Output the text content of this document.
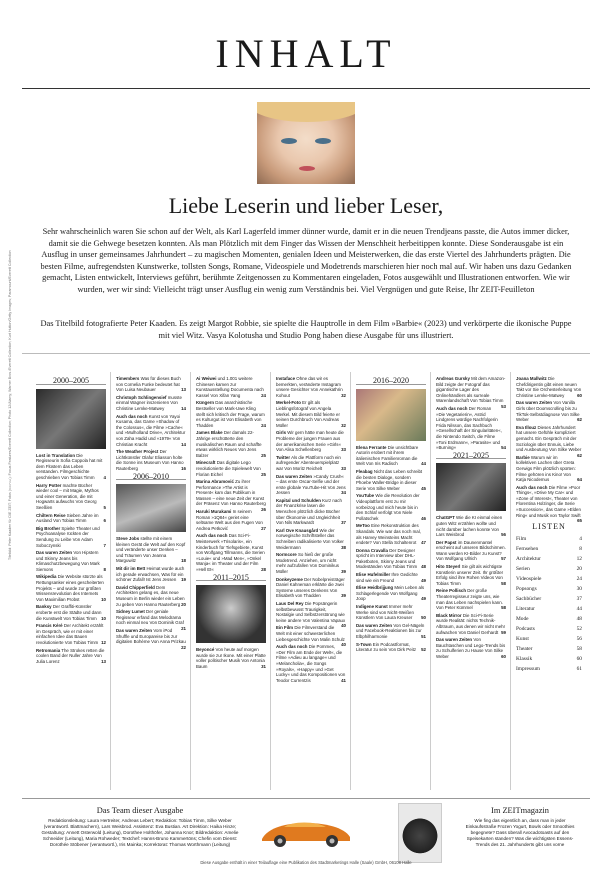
INHALT
Liebe Leserin und lieber Leser,
Sehr wahrscheinlich waren Sie schon auf der Welt, als Karl Lagerfeld immer dünner wurde, damit er in die neuen Trendjeans passte, die Autos immer dicker, damit sie die Gehwege besetzen konnten. Als man Plötzlich mit dem Finger das Wissen der Menschheit herbeitippen konnte. Diese Sonderausgabe ist ein Ausflug in unser gemeinsames Jahrhundert – zu magischen Momenten, genialen Ideen und Meisterwerken, die das erste Viertel des Jahrhunderts prägten. Die besten Filme, aufregendsten Kunstwerke, tollsten Songs, Romane, Videospiele und Modetrends marschieren hier noch mal auf. Wir haben uns dazu Gedanken gemacht, Listen entwickelt, Interviews geführt, berühmte Zeitgenossen zu Kommentaren eingeladen, Fotos ausgewählt und Illustrationen entworfen. Wie wir wurden, wer wir sind: Vielleicht trägt unser Ausflug ein wenig zum Verständnis bei. Viel Vergnügen und gute Reise, Ihr ZEIT-Feuilleton
Das Titelbild fotografierte Peter Kaaden. Es zeigt Margot Robbie, sie spielte die Hauptrolle in dem Film »Barbie« (2023) und verkörperte die ikonische Puppe mit viel Witz. Vasya Kolotusha und Studio Pong haben diese Ausgabe für uns illustriert.
2000–2005

Lost in Translation Die Regisseurin Sofia Coppola hat mit dem Flüstern das Leben verstanden. Filmgeschichte geschrieben Von Tobias Timm 4

Harry Potter machte Bücher wieder cool – mit Magie, Mythos und einer Generation, die mit Hogwarts aufwuchs Von Georg Seeßlen	5

Chiltern Reise Sieben Jahre im Ausland Von Tobias Timm	6

Big Brother Spielte Theater und Psychoanalyse rückten der Sendung zu Leibe Von Adam Soboczynski	7

Das waren Zeiten Von Hipstern und Skinny Jeans bis Klimaschutzbewegung Von Mark Siemons	8

Wikipedia Die Website stürzte als Rettungsanker eines gescheiterten Projekts – und wurde zur größten Wissensrevolution des Internets Von Maximilian Probst	10

Banksy Der Graffiti-Künstler eroberte erst die Städte und dann die Kunstwelt Von Tobias Timm 10

Francis Kéré Der Architekt erzählt im Gespräch, wie er mit einer einfachen Idee das Bauen revolutionierte Von Tobias Timm 12

Retromania The Strokes retten die coolen Band der Nuller Jahre Von Julia Lorenz	13

Timembers Was für dieses Buch von Cornelia Funke bedeutet hat Von Luisa Neubauer	13

Christoph Schlingensief musste einmal Wagner inszenieren Von Christine Lemke-Matwey	14

Auch das noch Kunst von Yayoi Kusama, das Game »Shadow of the Colossus«, die Filme »Cache« und »Mulholland Drive«, Architektur von Zaha Hadid und »1979« Von Christian Kracht	14

The Weather Project Der Lichtkünstler Olafur Eliasson holte die Sonne ins Museum Von Hanno Rauterberg	16

2006–2010

Steve Jobs stellte mit einem kleinen Gerät die Welt auf den Kopf und veränderte unser Denken – und Träumen Von Jeanna Marguwitz	18

Mit dir im Bett Heimat wurde auch ich gerade erwachsen, Was für ein schöner Zufall! Ist Jens Jessen 19

David Chipperfield Dem Architekten gelang es, das neue Museum in Berlin wieder ein Leben zu geben Von Hanno Rauterberg 20

Sidney Lumet Der geniale Regisseur erfand das Melodrama noch einmal neu Von Dominik Graf
21

Das waren Zeiten Vom iPod Shuffle und Europareise bis zur digitalen Bohème Von Anna Prizkau
22

Ai Weiwei und 1.001 weitere Chinesen kamen zur Kunstausstellung Documenta nach Kassel Von Xifan Yang	24

Küngern Das anarchistische Bestseller von Mark-Uwe Kling stellt sich kritisch der Frage, warum es Kulturgut ist Von Elisabeth von Thadden	24

James Blake Der damals 22-Jährige erschütterte den musikalischen Raum und schaffte etwas wirklich Neues Von Jens Balzer	25

Minecraft Das digitale Lego revolutionierte die Spielewelt Von Florian Eichel	25

Marina Abramović Zu ihrer Performance »The Artist is Present« kam das Publikum in Massen – eine neue Zeit der Kunst der Präsenz Von Hanno Rauterberg
26

Haruki Murakami In seinem Roman »1Q84« geriet eine seltsame Welt aus den Fugen Von Andrea Petković	27

Auch das noch Das Sci-Fi-Meisterwerk »Trisolaris«, ein Kinderbuch für Tiefsgebiete, Kunst von Wolfgang Tillmanns, die Serien »Louie« und »Mad Men«, »Onkel Wanja« im Theater und der Film »Hell Et«	28

2011–2015

Beyoncé Von heute auf morgen wurde sie zur Ikone. Mit einer Platte voller politischer Musik Von Antonia Baum	31

Instaface Ohne das wir es bemerkten, veränderte Instagram unsere Gesichter Von Annekathrin Kohout	32

Merkel-Foto Er gilt als Lieblingsfotograf von Angela Merkel. Mit diesem Bild feierte er seinen Durchbruch Von Andreas Müller	32

Girls Wir gern hätte man heute die Probleme der jungen Frauen aus der amerikanischen Serie »Girls« Von Alisa Schellenberg	33

Twitter Als die Plattform noch ein aufregender Abenteuerspielplatz war Von Moritz Reichelt	33

Das waren Zeiten »Candy Crush« – das erste Oscar-Selfie und der erste globale YouTube-Hit Von Jens Jessen	34

Kapital und Schulden Kurz nach der Finanzkrise lasen die Menschen plötzlich dicke Bücher über Ökonomie und Ungleichheit Von Nils Markwardt	37

Karl Ove Knausgård Wie der norwegische Schriftsteller das Schreiben radikalisierte Von Volker Weidermann	38

Normcore So hieß der große Modetrend. Anziehen, um nicht mehr aufzufallen Von Dominikus Müller	39

Donkeyzeme Der Nobelpreisträger Daniel Kahneman erklärte die zwei Systeme unseres Denkens Von Elisabeth von Thadden	39

Laus Del Rey Die Popsängerin selbstbewusst Traurigkeit, Nostalgie und Selbstzerstörung wie keine andere Von Valentina Vapaux
40

Ein Film Die Filmverstand die Welt mit einer schwesterlichen Liebesgeschichte Von Malin Schulz
40

Auch das noch Die Pommes, »Der Film am Ende der Welt«, die Filme »Adieu au langage« und »Melancholia«, die Songs »Royals«, »Happy« und »Get Lucky« und das Kompositionen von Teodor Currentzis	41

2016–2020

Elena Ferrante Die unsichtbare Autorin erobert mit ihrem italienischen Familienroman die Welt Von Iris Radisch	44

Fleabag Nicht das Leben schreibt die besten Dialoge, sondern Phoebe Waller-Bridge in dieser Serie Von Silke Weber	45

YouTube Wie die Revolution der Videoplattform erst zu mir vorbeizog und mich heute bis in den Schlaf verfolgt Von Niele Pollatschek	46

MeToo Eine Rekonstruktion des Skandals. Wie war das noch mal, als Harvey Weinsteins Macht endete? Von Stella Schaltenrot 47

Donna Cravalla Der Designer spricht im Interview über DHL-Paketboten, Skinny Jeans und Modeständen Von Tobias Timm 48

Elise Hufelmiller Ihre Gedichte sind wie ein Freund	49

Élise Heidbrijjung Mein Leben als Schlagerlegende Von Wolfgang Joop	49

Indigene Kunst Immer mehr Werke sind von Nicht-Weißen Künstlern Von Laura Kreuser 50

Das waren Zeiten Von Gel-Nägeln und Facebook-Reaktionen bis zur Elbphilharmonie	51

S-Town Ein Podcastformat, Literatur zu sein Von Dirk Peitz 52

Andreas Gursky Mit dem Amazon-Bild zeigte der Fotograf das gigantische Lager des Onlinehändlers als surreale Warenlandschaft Von Tobias Timm
53

Auch das noch Der Roman »Die Vegetarierin«, Astrid Lindgrens würdige Nachfolgerin Frida Nilsson, das Sachbuch »Gesellschaft der Singularitäten«, die Nintendo Switch, die Filme »Toni Erdmann«, »Parasite« und »Burning«	54

2021–2025

ChatGPT Wie die KI einmal einen guten Witz erzählen wollte und nicht darüber lachen konnte Von Lars Weisbrod	56

Der Papst im Daunenmantel erscheint auf unseren Bildschirmen. Wann werden KI-Bilder zu Kunst? Von Wolfgang Ullrich	57

Hito Steyerl Sie gilt als wichtigste Künstlerin unserer Zeit. Ihr größter Erfolg sind ihre Rohen Videos Von Tobias Timm	58

Reine Pollisch Der große Theaterregisseur zeigte uns, wie man das Leben nachspielen kann. Von Peter Kümmel	58

Black Mirror Die Sci-Fi-Serie wurde Realität: nichts Technik-Albtraum, aus denen wir nicht mehr aufwachen Von Daniel Gerhardt 59

Das waren Zeiten Von Bauchtaschen und Lego-Trends bis zu Schulferien zu Hause Von Silke Weber	60

Joana Mallwitz Die Chefdirigentin gibt einen neuen Takt vor Sie Orchesterleitung Von Christine Lemke-Matwey	60

Das waren Zeiten Von Vanilla Girls über Doomscrolling bis zu TikTok-Selbstdiagnose Von Silke Weber	62

Eva Illouz Dieses Jahrhundert hat unsere Gefühle kompliziert gemacht. Ein Gespräch mit der Soziologin über Ennuis, Liebe und Ausbeutung Von Silke Weber
62

Barbie Warum wir im kollektiven Lachen über Greta Gerwigs Film plötzlich spürten: Filme gehören ins Kino! Von Katja Nicodemus	64

Auch das noch Die Filme »Poor Things«, »Drive My Car« und »Zone of Interest«, Theater von Florentina Holzinger, die Serie »Succession«, das Game »Elden Ring« und Musik von Taylor Swift
65

LISTEN
Film	4
Fernsehen	8
Architektur	12
Serien	20
Videospiele	24
Popsongs	30
Sachbücher	37
Literatur	44
Mode	48
Podcasts	52
Kunst	56
Theater	58
Klassik	60
Impressum	61
Das Team dieser Ausgabe
Redaktionsleitung: Laura Hertreiter, Andreas Lebert; Redaktion: Tobias Timm, Silke Weber (verantwortl. Blattmachern), Lars Weisbrod. Assistenz: Eva Bustian. Art Direktion: Haika Hinze; Gestaltung: Annett Osterwold (Leitung), Dorothee Holthöfer, Johanna Knor; Bildredaktion: Amelie Schneider (Leitung), Maria Rohweder; Textchef: Hanns-Bruno Kammertöns; Chefin vom Dienst: Dorothée Stöbener (verantwortl.), Iris Mainka; Korrektorat: Thomas Worthmann (Leitung)
Im ZEITmagazin
Wie fing das eigentlich an, dass man in jeder Einkaufsstraße Frozen Yogurt, Bowls oder Smoothies begegnete? Dass überall Avocadotoasts auf den Speisekarten standen? Was die wichtigsten Essens-Trends des 21. Jahrhunderts gibt uns vorne
Diese Ausgabe enthält in einer Teilauflage eine Publikation des Stadtmarketings Halle (Saale) GmbH, 06108 Halle
Titelbild: Peter Kaaden für DIE ZEIT; Fotos (v.o.n.u.): Focus Features/Everett Collection; Photo 12/Alamy; Warner Bros./Everett Collection; Kurt Hutton/Getty Images; Paramount/Everett Collection
